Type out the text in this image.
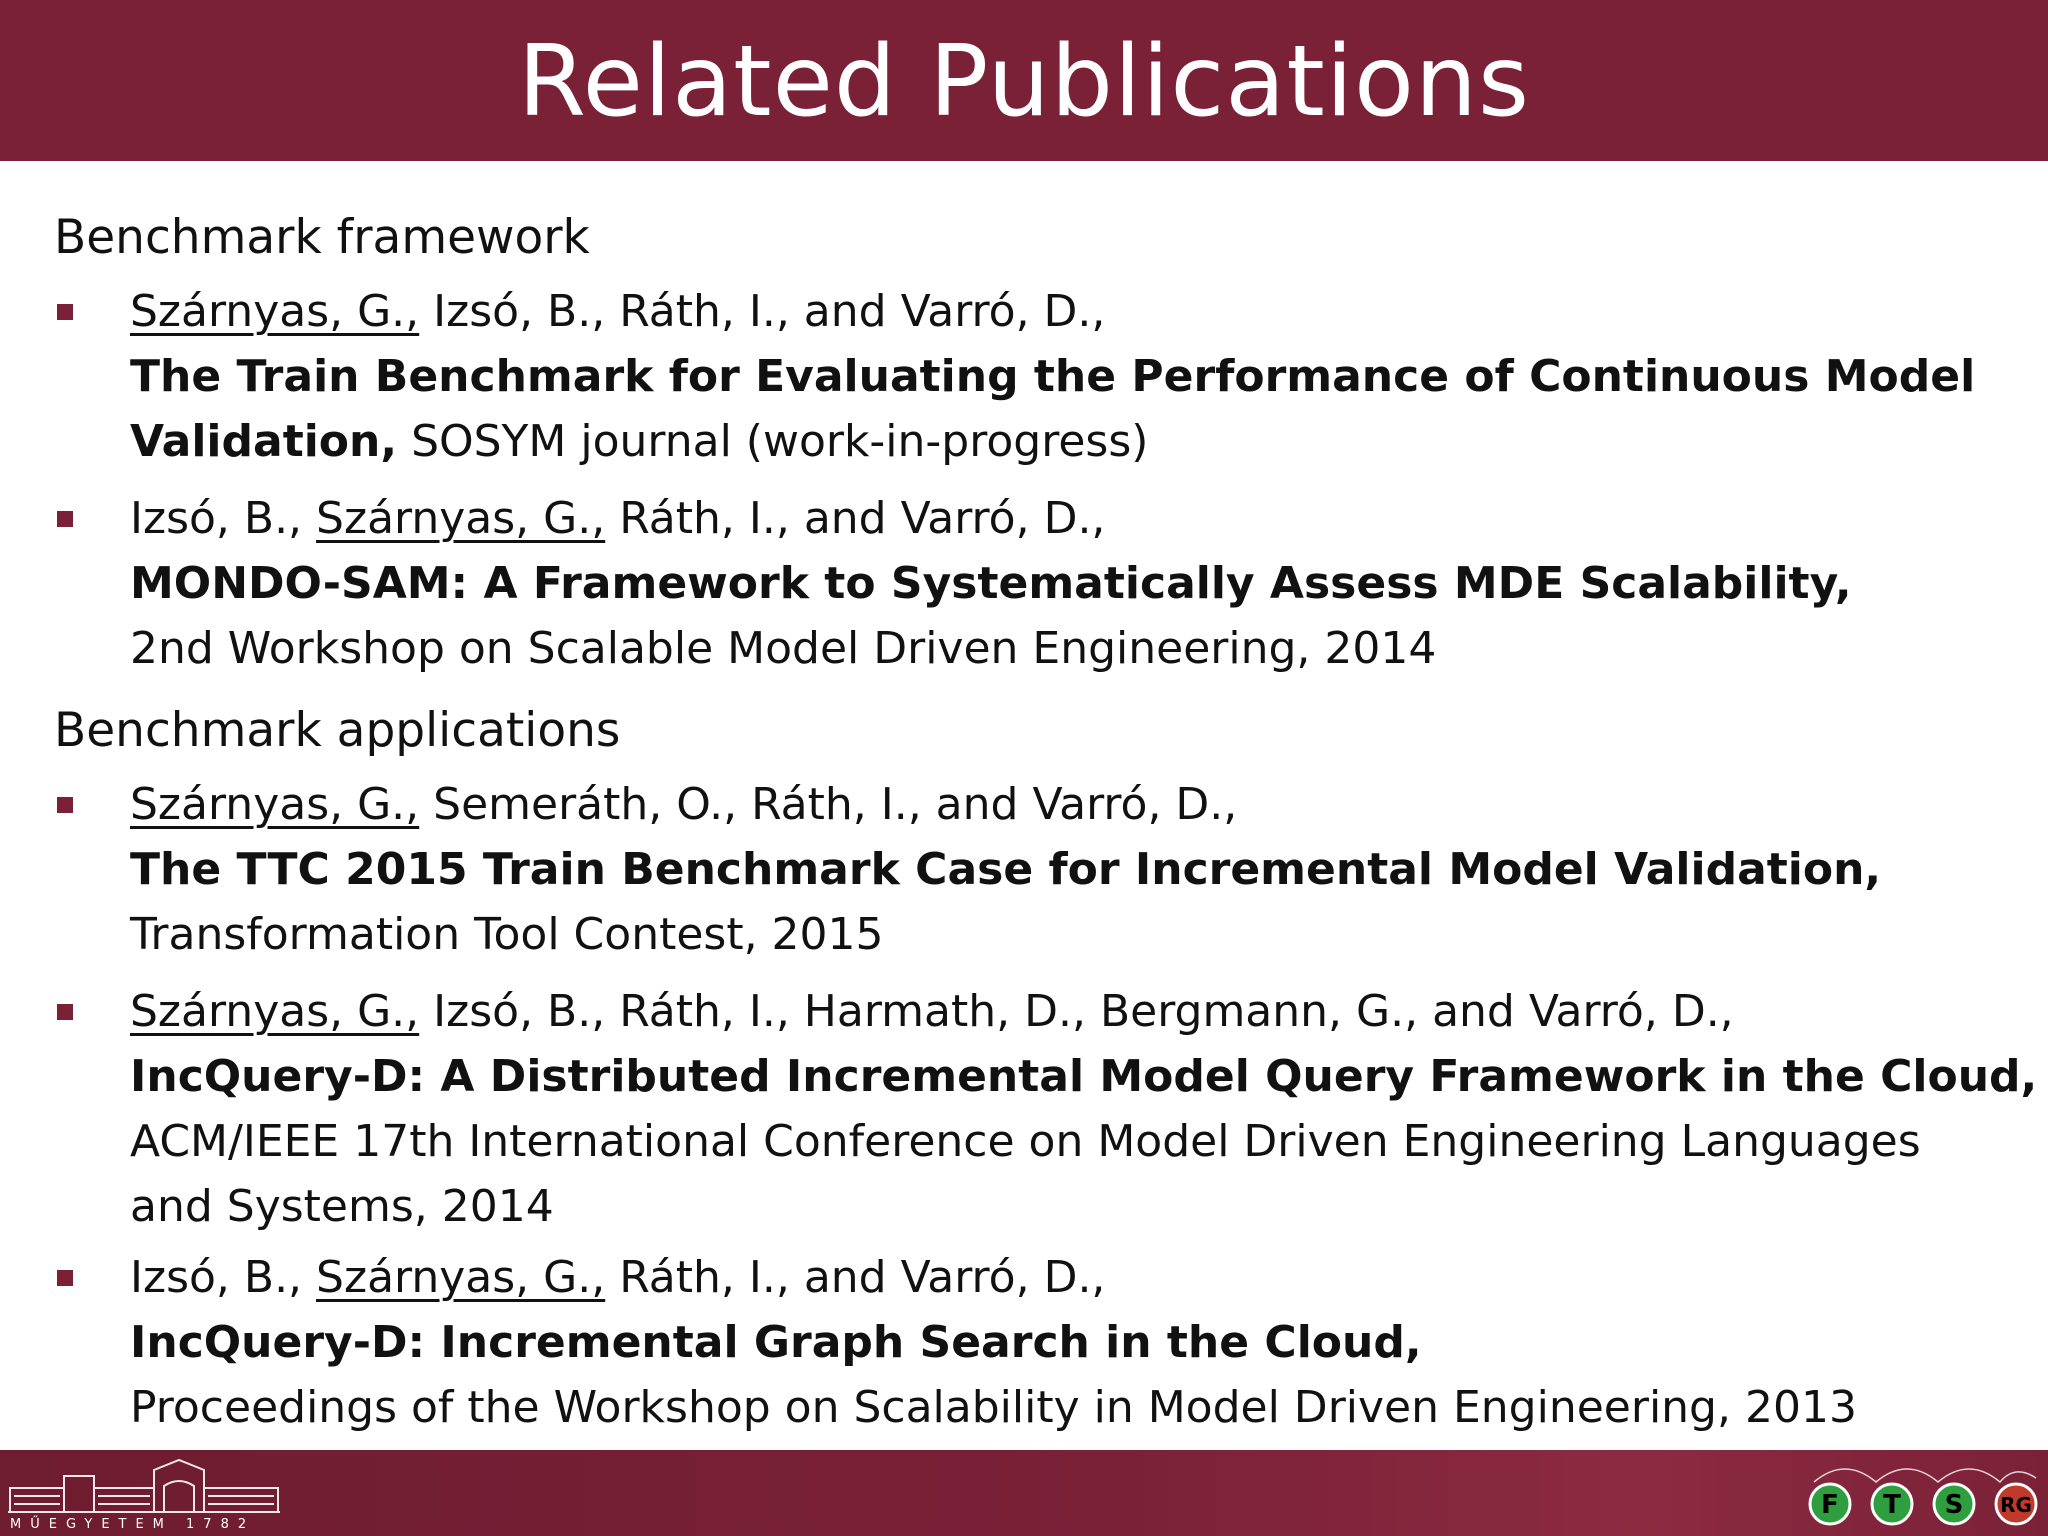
Related Publications
Benchmark framework
Szárnyas, G., Izsó, B., Ráth, I., and Varró, D.,
The Train Benchmark for Evaluating the Performance of Continuous Model
Validation, SOSYM journal (work-in-progress)
Izsó, B., Szárnyas, G., Ráth, I., and Varró, D.,
MONDO-SAM: A Framework to Systematically Assess MDE Scalability,
2nd Workshop on Scalable Model Driven Engineering, 2014
Benchmark applications
Szárnyas, G., Semeráth, O., Ráth, I., and Varró, D.,
The TTC 2015 Train Benchmark Case for Incremental Model Validation,
Transformation Tool Contest, 2015
Szárnyas, G., Izsó, B., Ráth, I., Harmath, D., Bergmann, G., and Varró, D.,
IncQuery-D: A Distributed Incremental Model Query Framework in the Cloud,
ACM/IEEE 17th International Conference on Model Driven Engineering Languages
and Systems, 2014
Izsó, B., Szárnyas, G., Ráth, I., and Varró, D.,
IncQuery-D: Incremental Graph Search in the Cloud,
Proceedings of the Workshop on Scalability in Model Driven Engineering, 2013
MŰEGYETEM 1782
F T S RG
